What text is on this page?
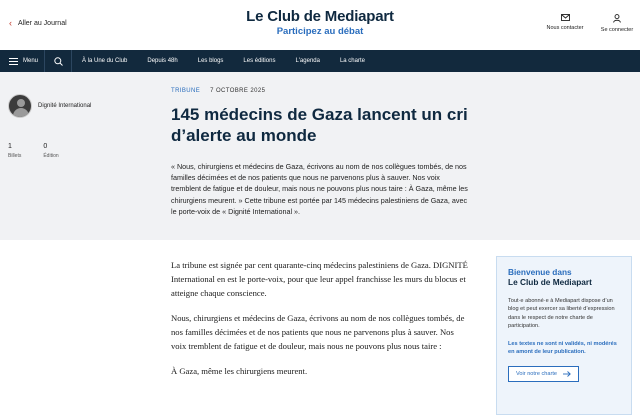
‹ Aller au Journal	Le Club de Mediapart
Participez au débat	Nous contacter	Se connecter
Menu	À la Une du Club	Depuis 48h	Les blogs	Les éditions	L'agenda	La charte
Dignité International
1
Billets
0
Édition
TRIBUNE 7 OCTOBRE 2025
145 médecins de Gaza lancent un cri d’alerte au monde

« Nous, chirurgiens et médecins de Gaza, écrivons au nom de nos collègues tombés, de nos familles décimées et de nos patients que nous ne parvenons plus à sauver. Nos voix tremblent de fatigue et de douleur, mais nous ne pouvons plus nous taire : À Gaza, même les chirurgiens meurent. » Cette tribune est portée par 145 médecins palestiniens de Gaza, avec le porte-voix de « Dignité International ».

La tribune est signée par cent quarante-cinq médecins palestiniens de Gaza. DIGNITÉ International en est le porte-voix, pour que leur appel franchisse les murs du blocus et atteigne chaque conscience.

Nous, chirurgiens et médecins de Gaza, écrivons au nom de nos collègues tombés, de nos familles décimées et de nos patients que nous ne parvenons plus à sauver. Nos voix tremblent de fatigue et de douleur, mais nous ne pouvons plus nous taire :

À Gaza, même les chirurgiens meurent.

Bienvenue dans
Le Club de Mediapart
Tout·e abonné·e à Mediapart dispose d’un blog et peut exercer sa liberté d’expression dans le respect de notre charte de participation.
Les textes ne sont ni validés, ni modérés en amont de leur publication.
Voir notre charte
